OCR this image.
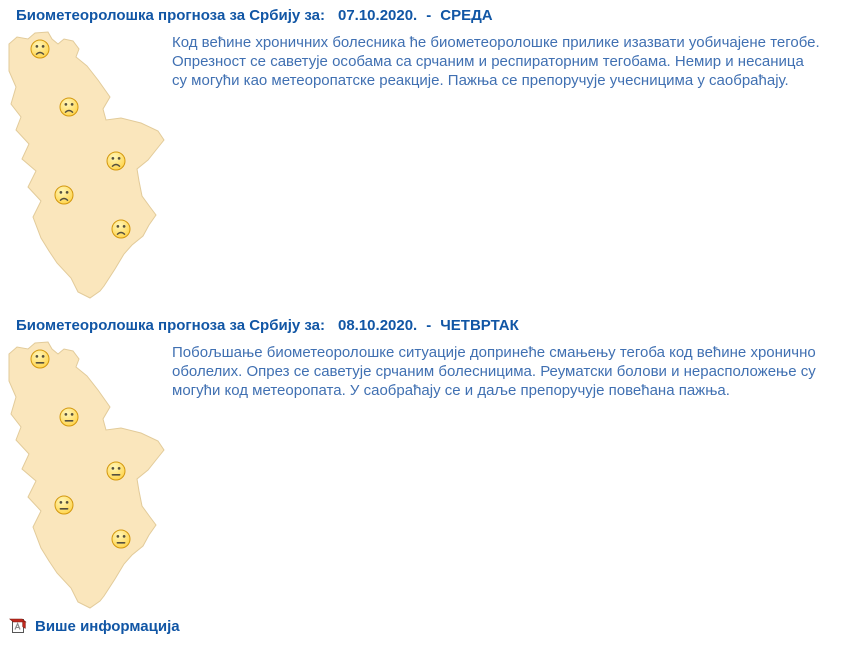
Биометеоролошка прогноза за Србију за: 07.10.2020. - СРЕДА

Код већине хроничних болесника ће биометеоролошке прилике изазвати уобичајене тегобе. Опрезност се саветује особама са срчаним и респираторним тегобама. Немир и несаница су могући као метеоропатске реакције. Пажња се препоручује учесницима у саобраћају.

Биометеоролошка прогноза за Србију за: 08.10.2020. - ЧЕТВРТАК

Побољшање биометеоролошке ситуације допринеће смањењу тегоба код већине хронично оболелих. Опрез се саветује срчаним болесницима. Реуматски болови и нерасположење су могући код метеоропата. У саобраћају се и даље препоручује повећана пажња.

Више информација
